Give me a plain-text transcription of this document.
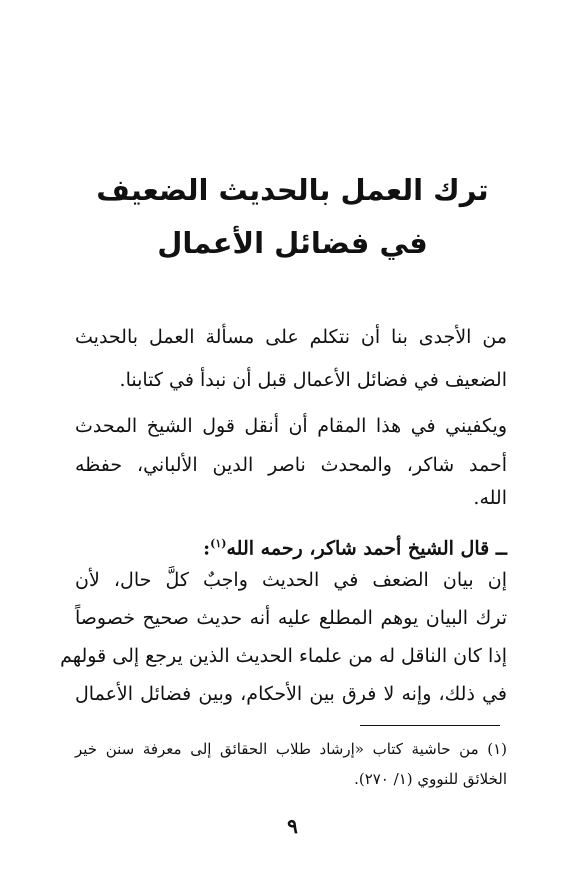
ترك العمل بالحديث الضعيف
في فضائل الأعمال
من الأجدى بنا أن نتكلم على مسألة العمل بالحديث
الضعيف في فضائل الأعمال قبل أن نبدأ في كتابنا.
ويكفيني في هذا المقام أن أنقل قول الشيخ المحدث
أحمد شاكر، والمحدث ناصر الدين الألباني، حفظه
الله.
ــ قال الشيخ أحمد شاكر، رحمه الله$^{(١)}$:
إن بيان الضعف في الحديث واجبٌ كلَّ حال، لأن
ترك البيان يوهم المطلع عليه أنه حديث صحيح خصوصاً
إذا كان الناقل له من علماء الحديث الذين يرجع إلى قولهم
في ذلك، وإنه لا فرق بين الأحكام، وبين فضائل الأعمال
(١) من حاشية كتاب «إرشاد طلاب الحقائق إلى معرفة سنن خير
الخلائق للنووي (١/ ٢٧٠).
٩
